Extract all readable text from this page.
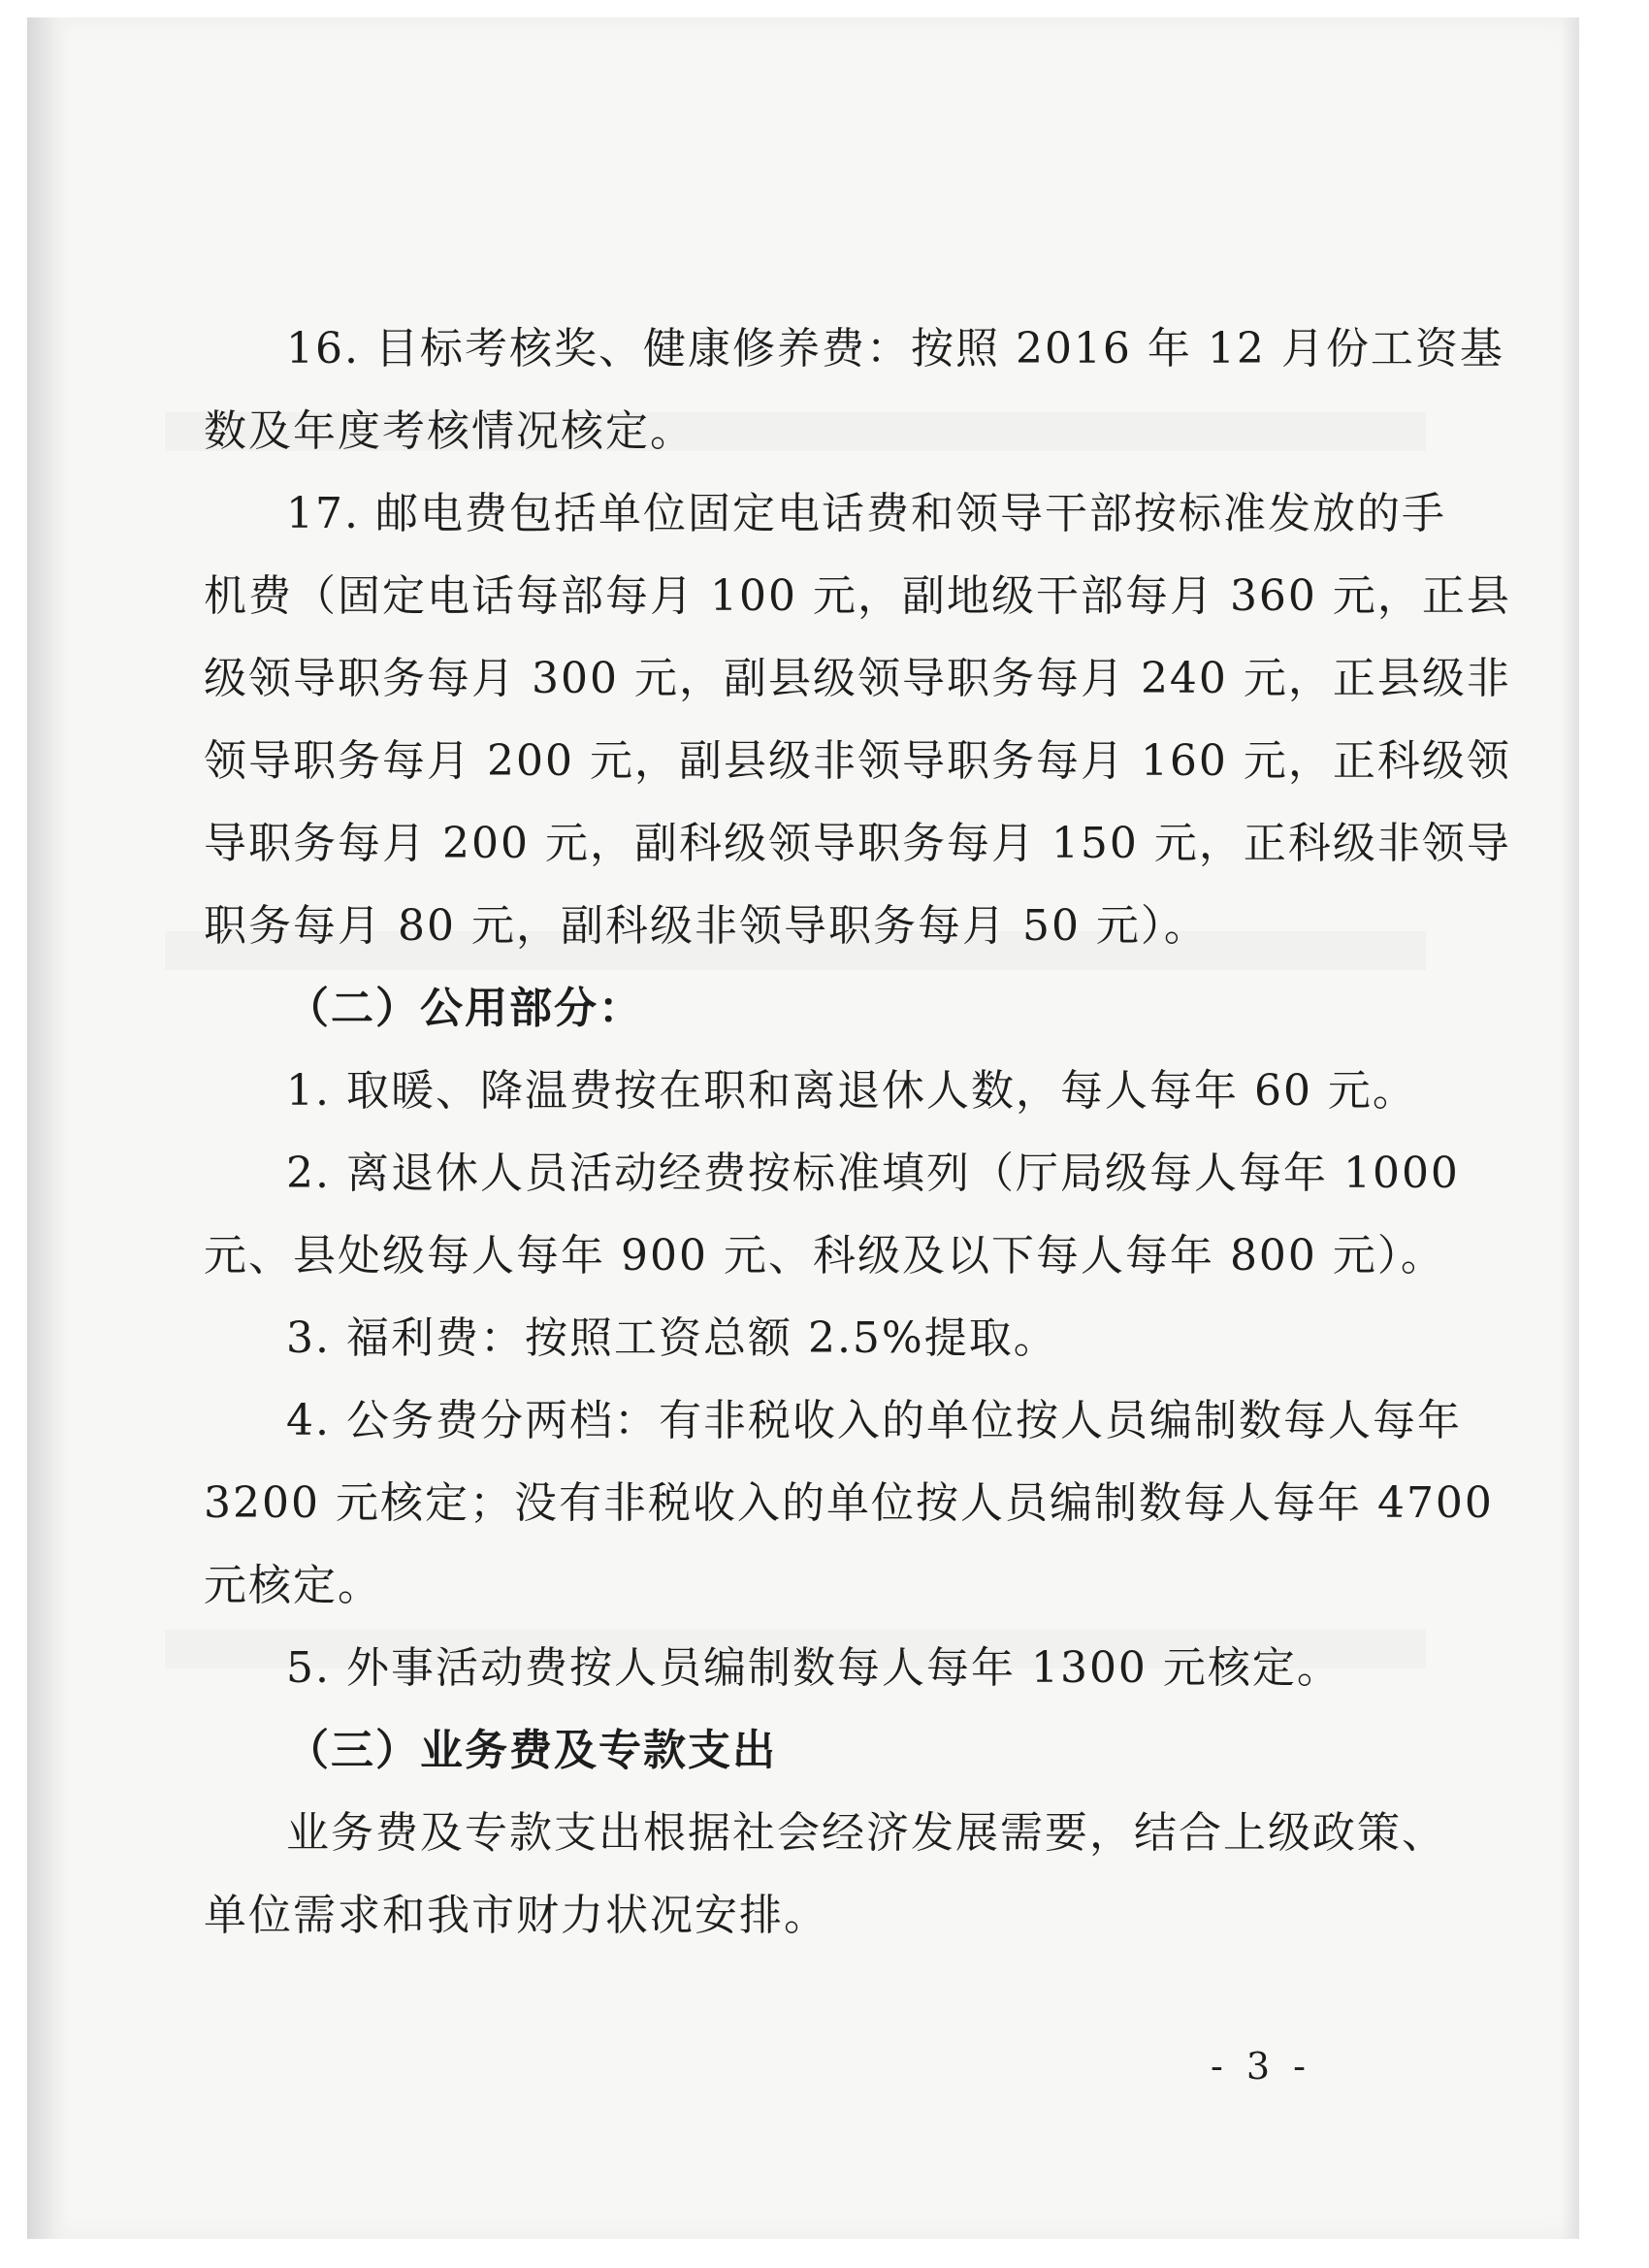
16. 目标考核奖、健康修养费：按照 2016 年 12 月份工资基
数及年度考核情况核定。
17. 邮电费包括单位固定电话费和领导干部按标准发放的手
机费（固定电话每部每月 100 元，副地级干部每月 360 元，正县
级领导职务每月 300 元，副县级领导职务每月 240 元，正县级非
领导职务每月 200 元，副县级非领导职务每月 160 元，正科级领
导职务每月 200 元，副科级领导职务每月 150 元，正科级非领导
职务每月 80 元，副科级非领导职务每月 50 元）。
（二）公用部分：
1. 取暖、降温费按在职和离退休人数，每人每年 60 元。
2. 离退休人员活动经费按标准填列（厅局级每人每年 1000
元、县处级每人每年 900 元、科级及以下每人每年 800 元）。
3. 福利费：按照工资总额 2.5%提取。
4. 公务费分两档：有非税收入的单位按人员编制数每人每年
3200 元核定；没有非税收入的单位按人员编制数每人每年 4700
元核定。
5. 外事活动费按人员编制数每人每年 1300 元核定。
（三）业务费及专款支出
业务费及专款支出根据社会经济发展需要，结合上级政策、
单位需求和我市财力状况安排。
- 3 -
